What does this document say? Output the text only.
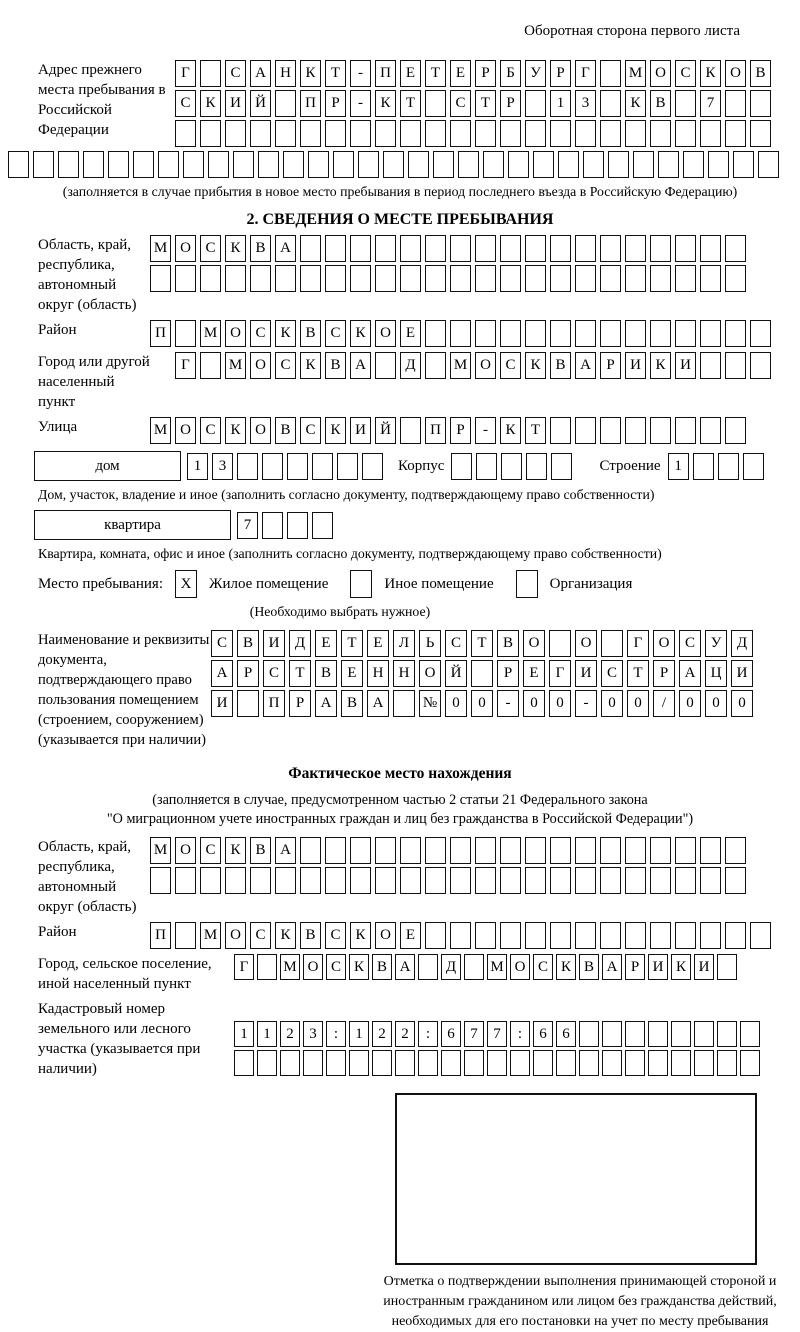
Оборотная сторона первого листа
Адрес прежнего места пребывания в Российской Федерации
Г	С А Н К	Т	-	П Е	Т	Е	Р	Б	У	Р	Г	М О С К О В
С К И Й	П	Р	-	К	Т	С	Т	Р	1	3	К В	7
(заполняется в случае прибытия в новое место пребывания в период последнего въезда в Российскую Федерацию)
2. СВЕДЕНИЯ О МЕСТЕ ПРЕБЫВАНИЯ
Область, край, республика, автономный округ (область)
М О С К В А
Район	П	М О С К В С К О Е
Город или другой населенный пункт
Г	М О С К В А	Д	М О С К В А	Р	И К И
Улица	М О С К О В С К И Й	П	Р	-	К	Т
дом	1	3	Корпус	Строение 1
Дом, участок, владение и иное (заполнить согласно документу, подтверждающему право собственности)
квартира	7
Квартира, комната, офис и иное (заполнить согласно документу, подтверждающему право собственности)
Место пребывания:	X	Жилое помещение	Иное помещение	Организация
(Необходимо выбрать нужное)
Наименование и реквизиты документа, подтверждающего право пользования помещением (строением, сооружением) (указывается при наличии)
С	В	И	Д	Е	Т	Е	Л	Ь	С	Т	В	О	О	Г	О	С	У	Д
А	Р	С	Т	В	Е	Н	Н	О	Й	Р	Е	Г	И	С	Т	Р	А	Ц	И
И	П	Р	А	В	А	№	0	0	-	0	0	-	0	0	/	0	0	0
Фактическое место нахождения
(заполняется в случае, предусмотренном частью 2 статьи 21 Федерального закона
"О миграционном учете иностранных граждан и лиц без гражданства в Российской Федерации")
Область, край, республика, автономный округ (область)
М О С К В А
Район	П	М О С К В С К О Е
Город, сельское поселение, иной населенный пункт
Г	М О С К В А	Д	М О С К В А Р И К И
Кадастровый номер земельного или лесного участка (указывается при наличии)
1	1	2	3	:	1	2	2	:	6	7	7	:	6	6
Отметка о подтверждении выполнения принимающей стороной и иностранным гражданином или лицом без гражданства действий, необходимых для его постановки на учет по месту пребывания
